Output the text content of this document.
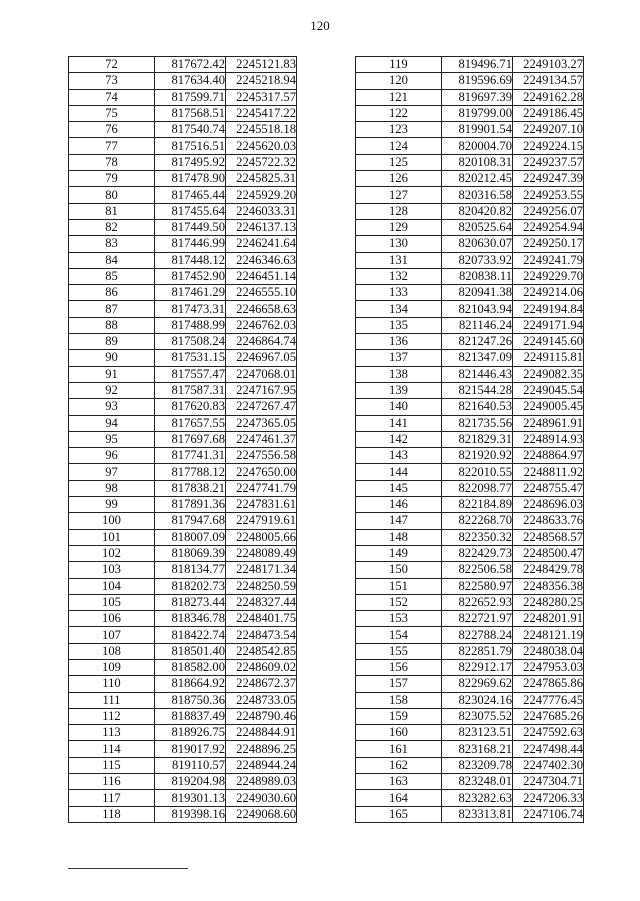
120
72	817672.42	2245121.83
73	817634.40	2245218.94
74	817599.71	2245317.57
75	817568.51	2245417.22
76	817540.74	2245518.18
77	817516.51	2245620.03
78	817495.92	2245722.32
79	817478.90	2245825.31
80	817465.44	2245929.20
81	817455.64	2246033.31
82	817449.50	2246137.13
83	817446.99	2246241.64
84	817448.12	2246346.63
85	817452.90	2246451.14
86	817461.29	2246555.10
87	817473.31	2246658.63
88	817488.99	2246762.03
89	817508.24	2246864.74
90	817531.15	2246967.05
91	817557.47	2247068.01
92	817587.31	2247167.95
93	817620.83	2247267.47
94	817657.55	2247365.05
95	817697.68	2247461.37
96	817741.31	2247556.58
97	817788.12	2247650.00
98	817838.21	2247741.79
99	817891.36	2247831.61
100	817947.68	2247919.61
101	818007.09	2248005.66
102	818069.39	2248089.49
103	818134.77	2248171.34
104	818202.73	2248250.59
105	818273.44	2248327.44
106	818346.78	2248401.75
107	818422.74	2248473.54
108	818501.40	2248542.85
109	818582.00	2248609.02
110	818664.92	2248672.37
111	818750.36	2248733.05
112	818837.49	2248790.46
113	818926.75	2248844.91
114	819017.92	2248896.25
115	819110.57	2248944.24
116	819204.98	2248989.03
117	819301.13	2249030.60
118	819398.16	2249068.60
119	819496.71	2249103.27
120	819596.69	2249134.57
121	819697.39	2249162.28
122	819799.00	2249186.45
123	819901.54	2249207.10
124	820004.70	2249224.15
125	820108.31	2249237.57
126	820212.45	2249247.39
127	820316.58	2249253.55
128	820420.82	2249256.07
129	820525.64	2249254.94
130	820630.07	2249250.17
131	820733.92	2249241.79
132	820838.11	2249229.70
133	820941.38	2249214.06
134	821043.94	2249194.84
135	821146.24	2249171.94
136	821247.26	2249145.60
137	821347.09	2249115.81
138	821446.43	2249082.35
139	821544.28	2249045.54
140	821640.53	2249005.45
141	821735.56	2248961.91
142	821829.31	2248914.93
143	821920.92	2248864.97
144	822010.55	2248811.92
145	822098.77	2248755.47
146	822184.89	2248696.03
147	822268.70	2248633.76
148	822350.32	2248568.57
149	822429.73	2248500.47
150	822506.58	2248429.78
151	822580.97	2248356.38
152	822652.93	2248280.25
153	822721.97	2248201.91
154	822788.24	2248121.19
155	822851.79	2248038.04
156	822912.17	2247953.03
157	822969.62	2247865.86
158	823024.16	2247776.45
159	823075.52	2247685.26
160	823123.51	2247592.63
161	823168.21	2247498.44
162	823209.78	2247402.30
163	823248.01	2247304.71
164	823282.63	2247206.33
165	823313.81	2247106.74
